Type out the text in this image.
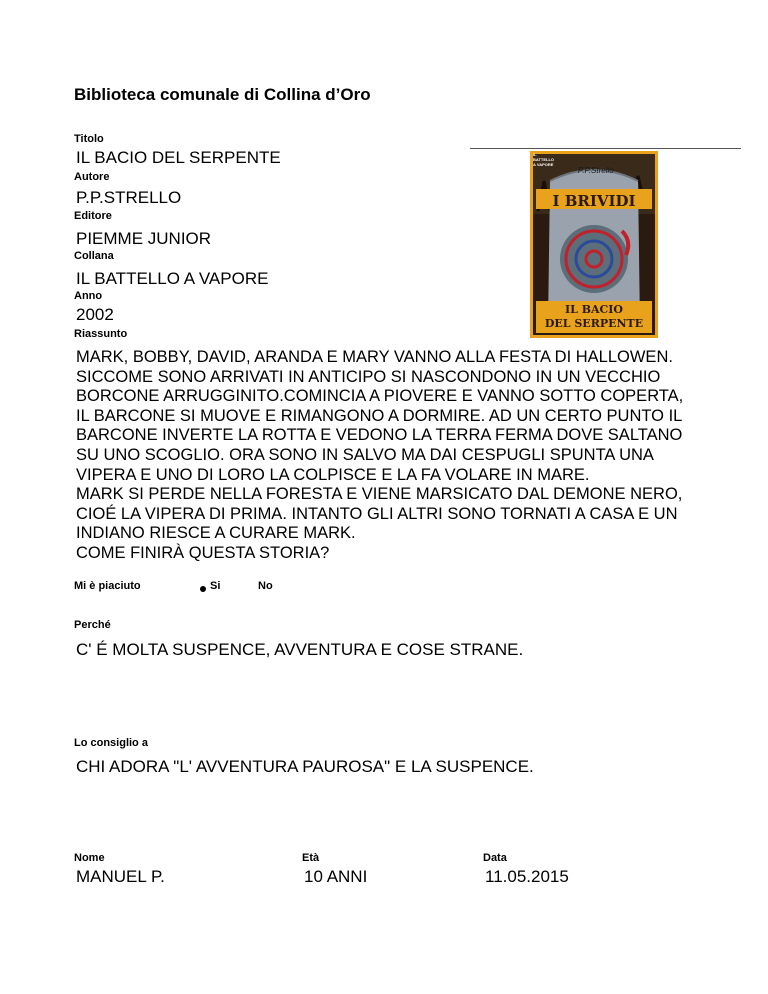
Biblioteca comunale di Collina d’Oro
Titolo
IL BACIO DEL SERPENTE
Autore
P.P.STRELLO
Editore
PIEMME JUNIOR
Collana
IL BATTELLO A VAPORE
Anno
2002
Riassunto
MARK, BOBBY, DAVID, ARANDA E MARY VANNO ALLA FESTA DI HALLOWEN.
SICCOME SONO ARRIVATI IN ANTICIPO SI NASCONDONO IN UN VECCHIO
BORCONE ARRUGGINITO.COMINCIA A PIOVERE E VANNO SOTTO COPERTA,
IL BARCONE SI MUOVE E RIMANGONO A DORMIRE. AD UN CERTO PUNTO IL
BARCONE INVERTE LA ROTTA E VEDONO LA TERRA FERMA DOVE SALTANO
SU UNO SCOGLIO. ORA SONO IN SALVO MA DAI CESPUGLI SPUNTA UNA
VIPERA E UNO DI LORO LA COLPISCE E LA FA VOLARE IN MARE.
MARK SI PERDE NELLA FORESTA E VIENE MARSICATO DAL DEMONE NERO,
CIOÉ LA VIPERA DI PRIMA. INTANTO GLI ALTRI SONO TORNATI A CASA E UN
INDIANO RIESCE A CURARE MARK.
COME FINIRÀ QUESTA STORIA?
IL BATTELLO A VAPORE
P.P.Strello
I BRIVIDI
IL BACIO
DEL SERPENTE
Mi è piaciuto	Si	No
Perché
C' É MOLTA SUSPENCE, AVVENTURA E COSE STRANE.
Lo consiglio a
CHI ADORA "L' AVVENTURA PAUROSA" E LA SUSPENCE.
Nome
MANUEL P.
Età
10 ANNI
Data
11.05.2015
